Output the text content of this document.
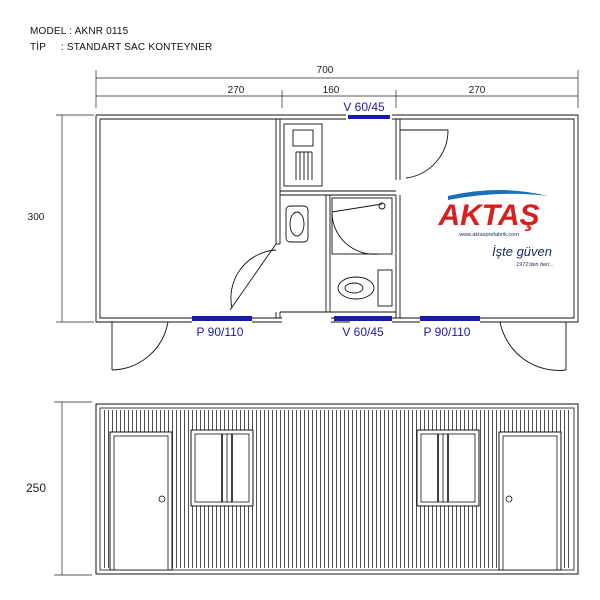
MODEL : AKNR 0115
TİP     : STANDART SAC KONTEYNER
700
270	160	270
300
250
V 60/45
P 90/110	V 60/45	P 90/110
AKTAŞ
www.aktasprefabrik.com
İşte güven
1972'den beri...
